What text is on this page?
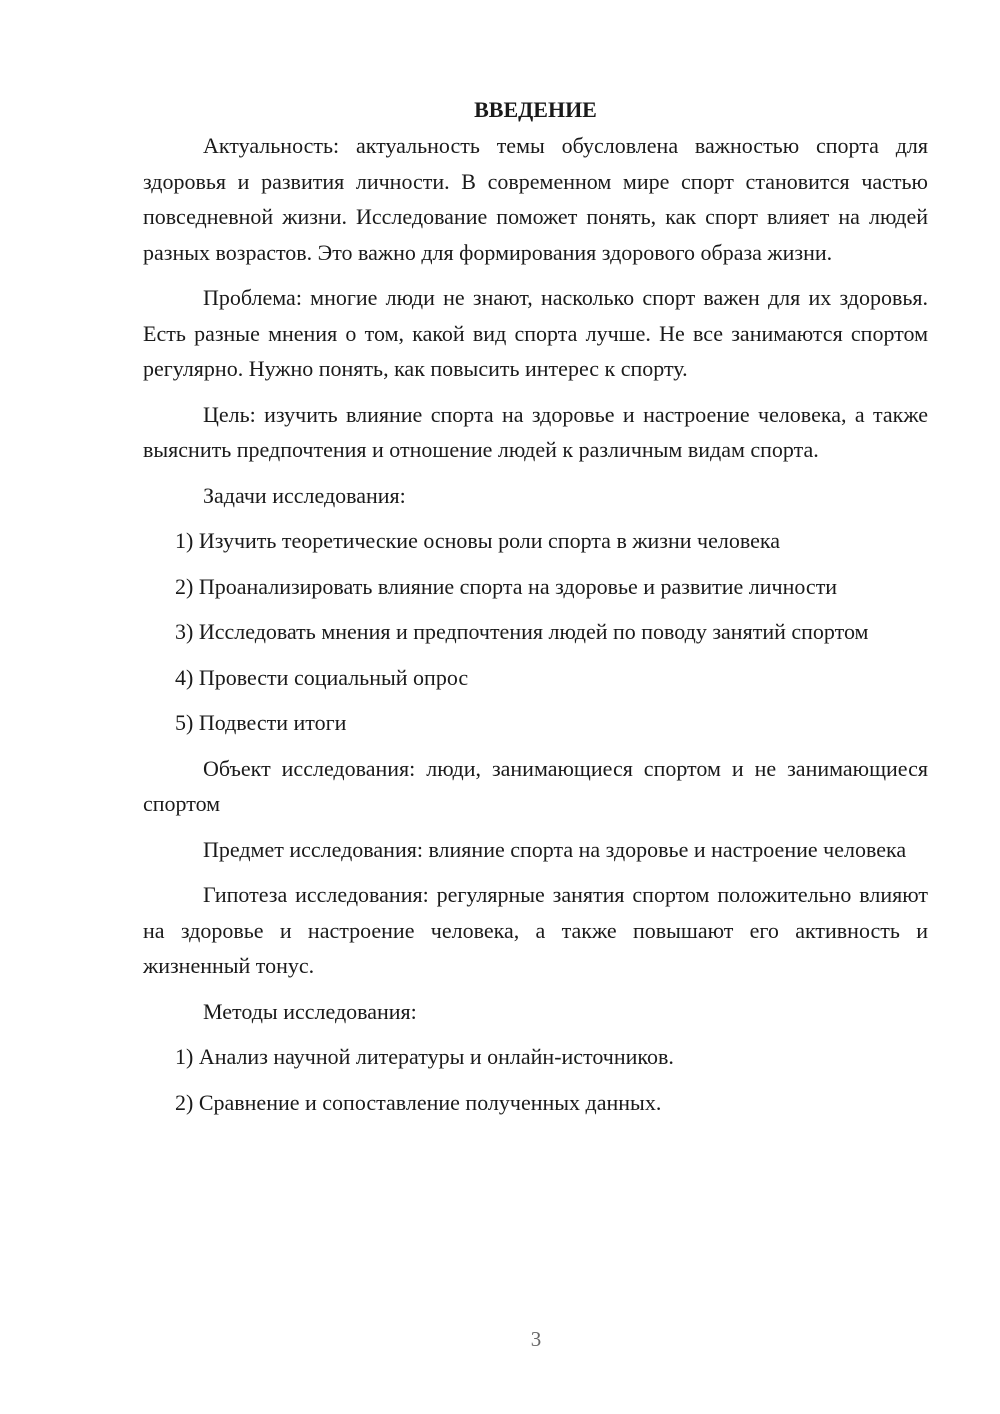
ВВЕДЕНИЕ

Актуальность: актуальность темы обусловлена важностью спорта для здоровья и развития личности. В современном мире спорт становится частью повседневной жизни. Исследование поможет понять, как спорт влияет на людей разных возрастов. Это важно для формирования здорового образа жизни.

Проблема: многие люди не знают, насколько спорт важен для их здоровья. Есть разные мнения о том, какой вид спорта лучше. Не все занимаются спортом регулярно. Нужно понять, как повысить интерес к спорту.

Цель: изучить влияние спорта на здоровье и настроение человека, а также выяснить предпочтения и отношение людей к различным видам спорта.

Задачи исследования:

1) Изучить теоретические основы роли спорта в жизни человека

2) Проанализировать влияние спорта на здоровье и развитие личности

3) Исследовать мнения и предпочтения людей по поводу занятий спортом

4) Провести социальный опрос

5) Подвести итоги

Объект исследования: люди, занимающиеся спортом и не занимающиеся спортом

Предмет исследования: влияние спорта на здоровье и настроение человека

Гипотеза исследования: регулярные занятия спортом положительно влияют на здоровье и настроение человека, а также повышают его активность и жизненный тонус.

Методы исследования:

1) Анализ научной литературы и онлайн-источников.

2) Сравнение и сопоставление полученных данных.

3
